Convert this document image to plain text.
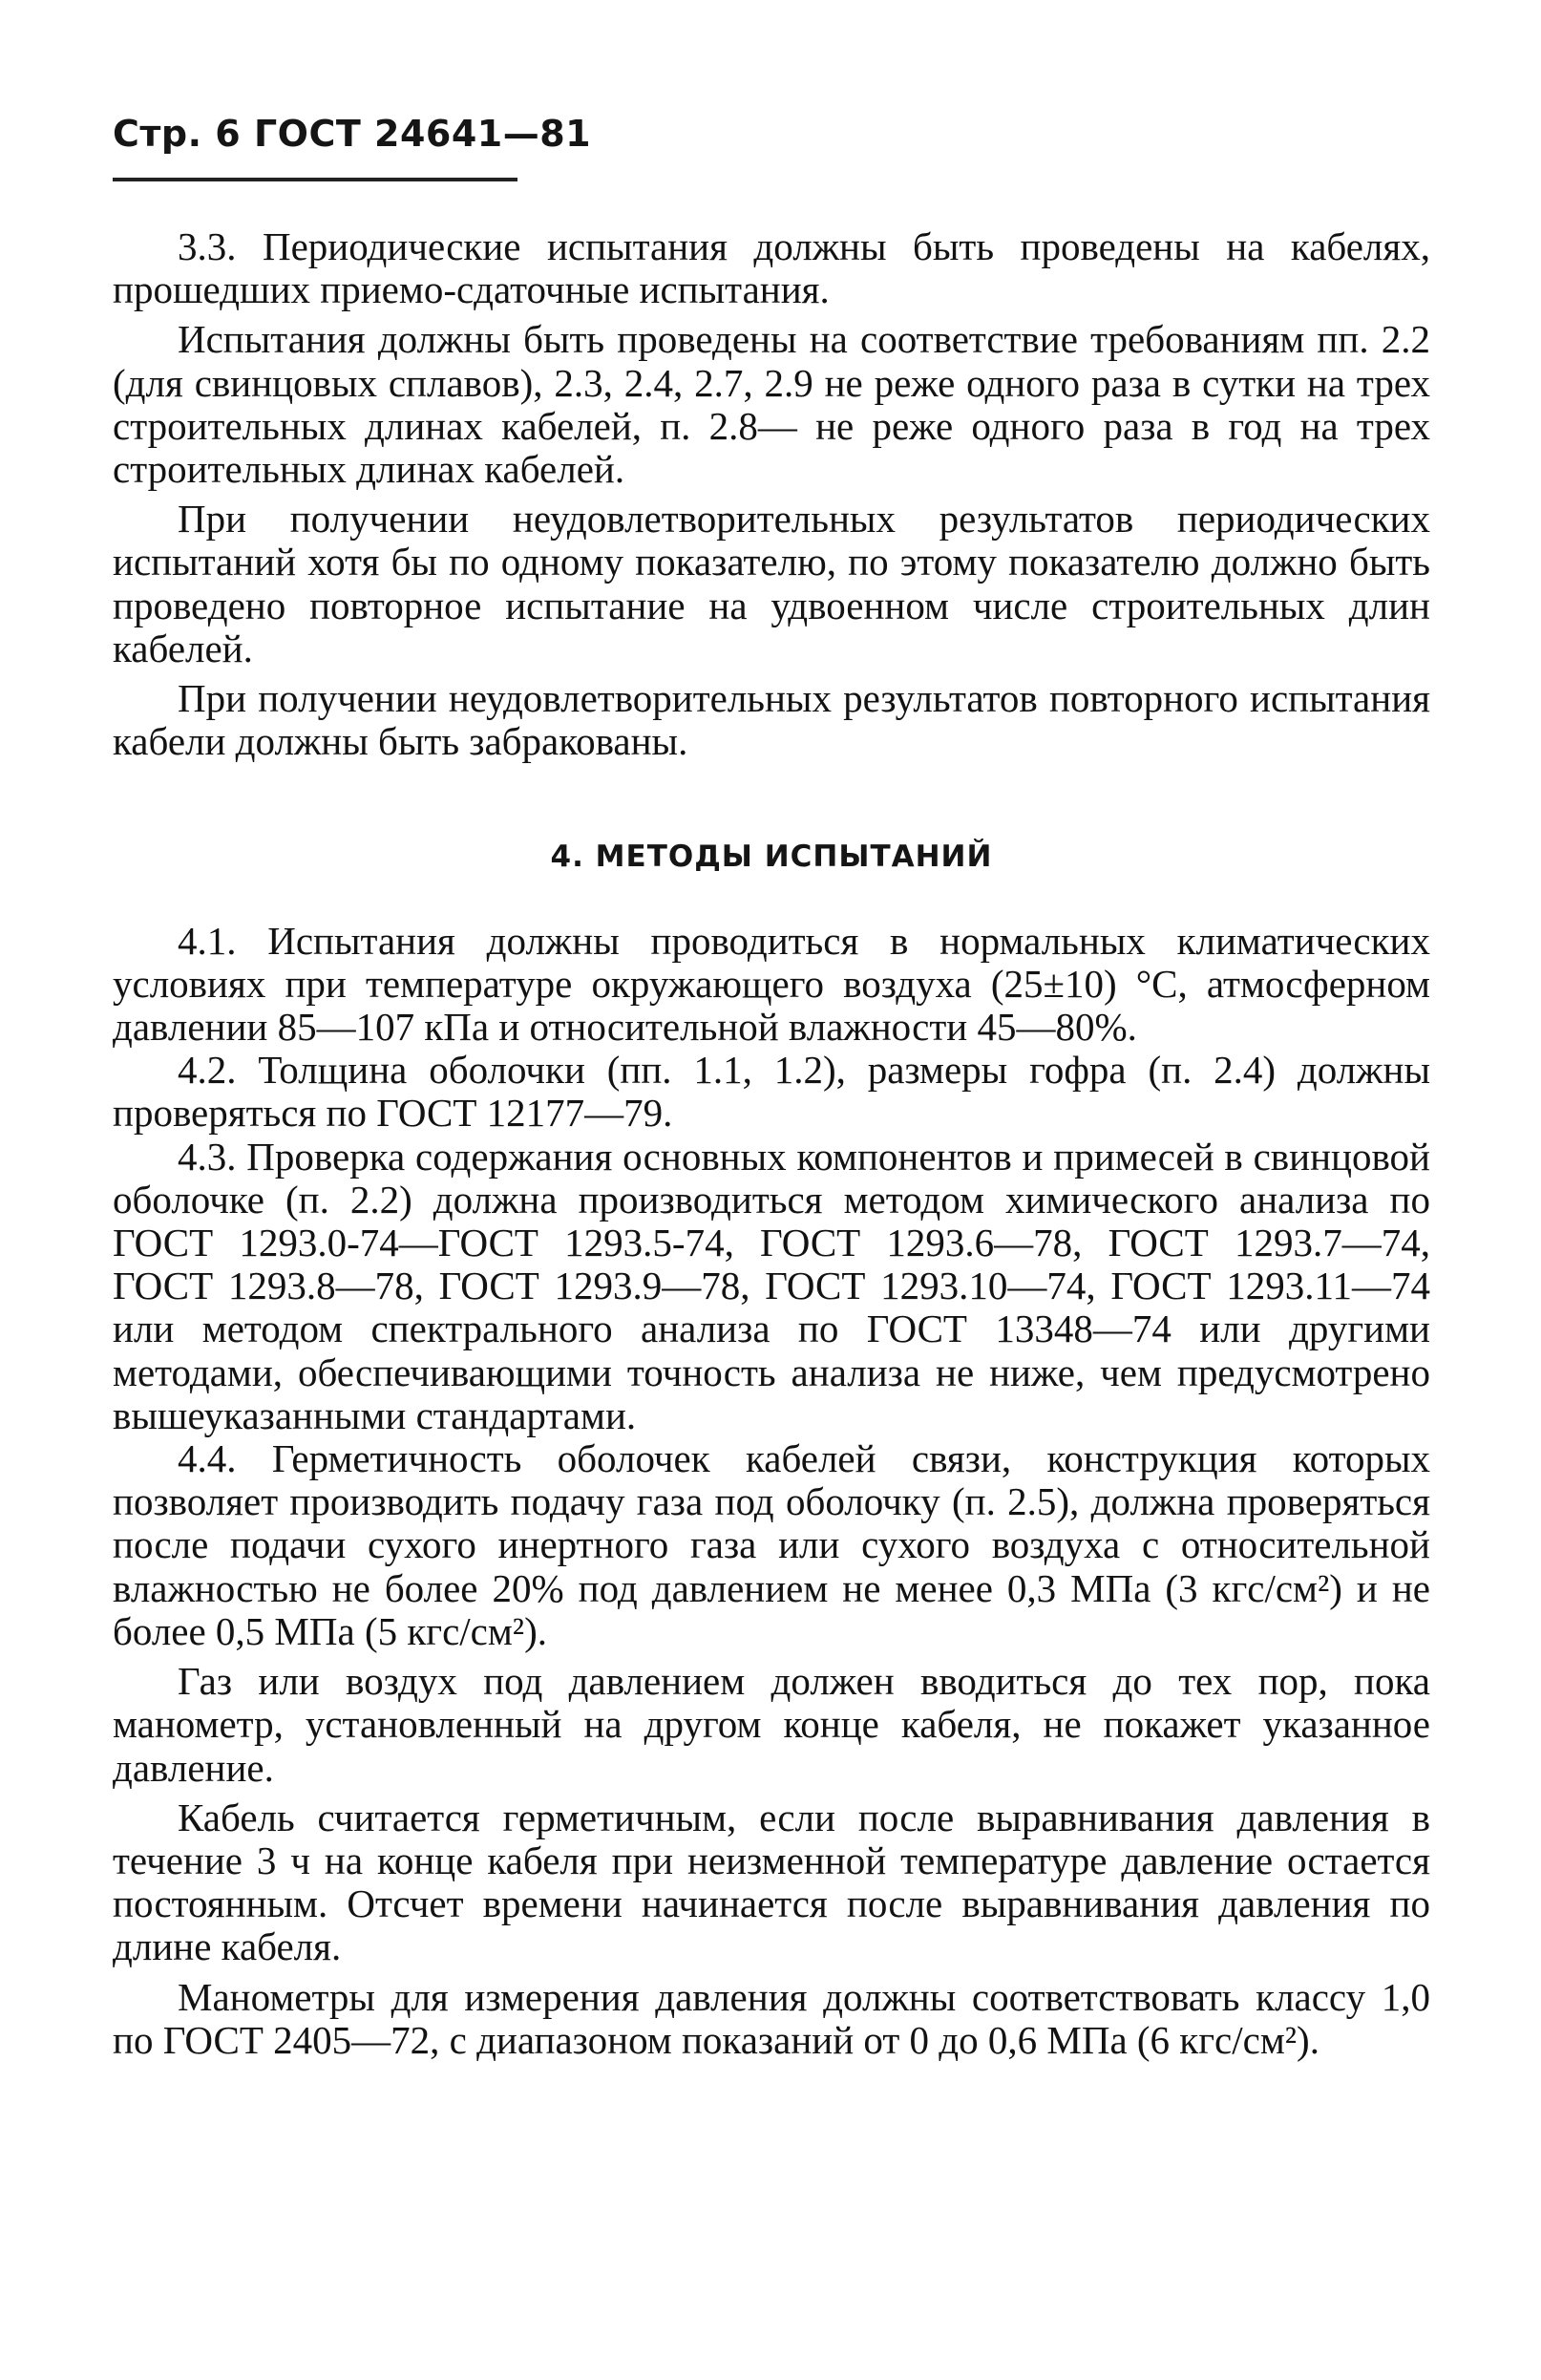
Стр. 6 ГОСТ 24641—81

3.3. Периодические испытания должны быть проведены на кабелях, прошедших приемо-сдаточные испытания.

Испытания должны быть проведены на соответствие требованиям пп. 2.2 (для свинцовых сплавов), 2.3, 2.4, 2.7, 2.9 не реже одного раза в сутки на трех строительных длинах кабелей, п. 2.8— не реже одного раза в год на трех строительных длинах кабелей.

При получении неудовлетворительных результатов периодических испытаний хотя бы по одному показателю, по этому показателю должно быть проведено повторное испытание на удвоенном числе строительных длин кабелей.

При получении неудовлетворительных результатов повторного испытания кабели должны быть забракованы.

4. МЕТОДЫ ИСПЫТАНИЙ

4.1. Испытания должны проводиться в нормальных климатических условиях при температуре окружающего воздуха (25±10) °С, атмосферном давлении 85—107 кПа и относительной влажности 45—80%.

4.2. Толщина оболочки (пп. 1.1, 1.2), размеры гофра (п. 2.4) должны проверяться по ГОСТ 12177—79.

4.3. Проверка содержания основных компонентов и примесей в свинцовой оболочке (п. 2.2) должна производиться методом химического анализа по ГОСТ 1293.0-74—ГОСТ 1293.5-74, ГОСТ 1293.6—78, ГОСТ 1293.7—74, ГОСТ 1293.8—78, ГОСТ 1293.9—78, ГОСТ 1293.10—74, ГОСТ 1293.11—74 или методом спектрального анализа по ГОСТ 13348—74 или другими методами, обеспечивающими точность анализа не ниже, чем предусмотрено вышеуказанными стандартами.

4.4. Герметичность оболочек кабелей связи, конструкция которых позволяет производить подачу газа под оболочку (п. 2.5), должна проверяться после подачи сухого инертного газа или сухого воздуха с относительной влажностью не более 20% под давлением не менее 0,3 МПа (3 кгс/см²) и не более 0,5 МПа (5 кгс/см²).

Газ или воздух под давлением должен вводиться до тех пор, пока манометр, установленный на другом конце кабеля, не покажет указанное давление.

Кабель считается герметичным, если после выравнивания давления в течение 3 ч на конце кабеля при неизменной температуре давление остается постоянным. Отсчет времени начинается после выравнивания давления по длине кабеля.

Манометры для измерения давления должны соответствовать классу 1,0 по ГОСТ 2405—72, с диапазоном показаний от 0 до 0,6 МПа (6 кгс/см²).
